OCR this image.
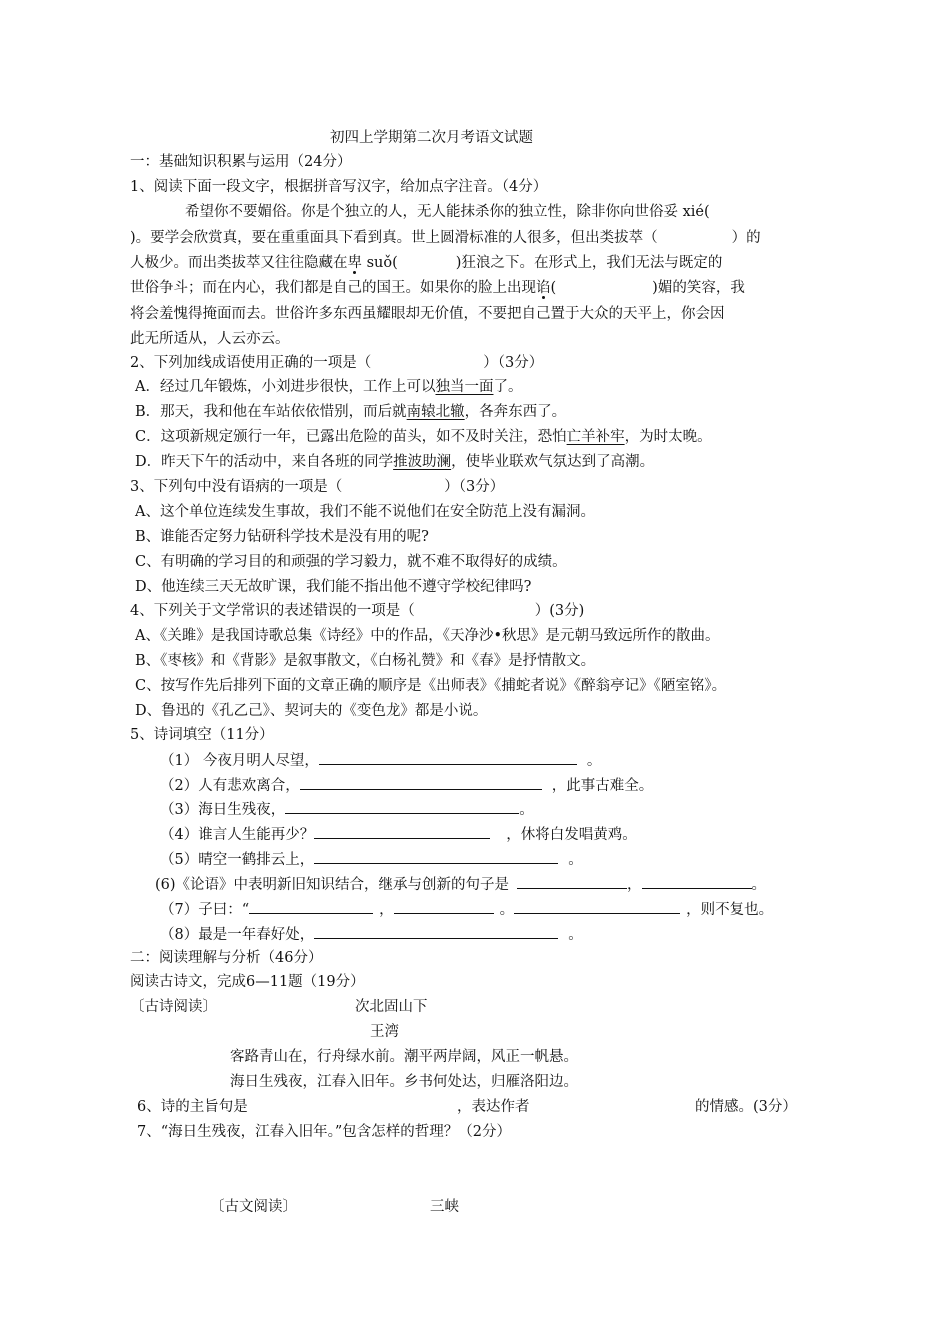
初四上学期第二次月考语文试题
一：基础知识积累与运用（24分）
1、阅读下面一段文字，根据拼音写汉字，给加点字注音。（4分）
希望你不要媚俗。你是个独立的人，无人能抹杀你的独立性，除非你向世俗妥 xié(
)。要学会欣赏真，要在重重面具下看到真。世上圆滑标准的人很多，但出类拔萃（	）的
人极少。而出类拔萃又往往隐藏在卑 suǒ(	)狂浪之下。在形式上，我们无法与既定的
世俗争斗；而在内心，我们都是自己的国王。如果你的脸上出现谄(	)媚的笑容，我
将会羞愧得掩面而去。世俗许多东西虽耀眼却无价值，不要把自己置于大众的天平上，你会因
此无所适从，人云亦云。
2、下列加线成语使用正确的一项是（	）（3分）
A．经过几年锻炼，小刘进步很快，工作上可以独当一面了。
B．那天，我和他在车站依依惜别，而后就南辕北辙，各奔东西了。
C．这项新规定颁行一年，已露出危险的苗头，如不及时关注，恐怕亡羊补牢，为时太晚。
D．昨天下午的活动中，来自各班的同学推波助澜，使毕业联欢气氛达到了高潮。
3、下列句中没有语病的一项是（	）（3分）
A、这个单位连续发生事故，我们不能不说他们在安全防范上没有漏洞。
B、谁能否定努力钻研科学技术是没有用的呢?
C、有明确的学习目的和顽强的学习毅力，就不难不取得好的成绩。
D、他连续三天无故旷课，我们能不指出他不遵守学校纪律吗?
4、下列关于文学常识的表述错误的一项是（	）(3分)
A、《关雎》是我国诗歌总集《诗经》中的作品，《天净沙•秋思》是元朝马致远所作的散曲。
B、《枣核》和《背影》是叙事散文，《白杨礼赞》和《春》是抒情散文。
C、按写作先后排列下面的文章正确的顺序是《出师表》《捕蛇者说》《醉翁亭记》《陋室铭》。
D、鲁迅的《孔乙己》、契诃夫的《变色龙》都是小说。
5、诗词填空（11分）
（1） 今夜月明人尽望，	。
（2）人有悲欢离合，	，此事古难全。
（3）海日生残夜，	。
（4）谁言人生能再少？	，休将白发唱黄鸡。
（5）晴空一鹤排云上，	。
(6)《论语》中表明新旧知识结合，继承与创新的句子是	，	。
（7）子曰：“	，	。	，则不复也。
（8）最是一年春好处，	。
二：阅读理解与分析（46分）
阅读古诗文，完成6—11题（19分）
〔古诗阅读〕	次北固山下
王湾
客路青山在，行舟绿水前。潮平两岸阔，风正一帆悬。
海日生残夜，江春入旧年。乡书何处达，归雁洛阳边。
6、诗的主旨句是	，表达作者	的情感。(3分）
7、“海日生残夜，江春入旧年。”包含怎样的哲理？（2分）
〔古文阅读〕	三峡
